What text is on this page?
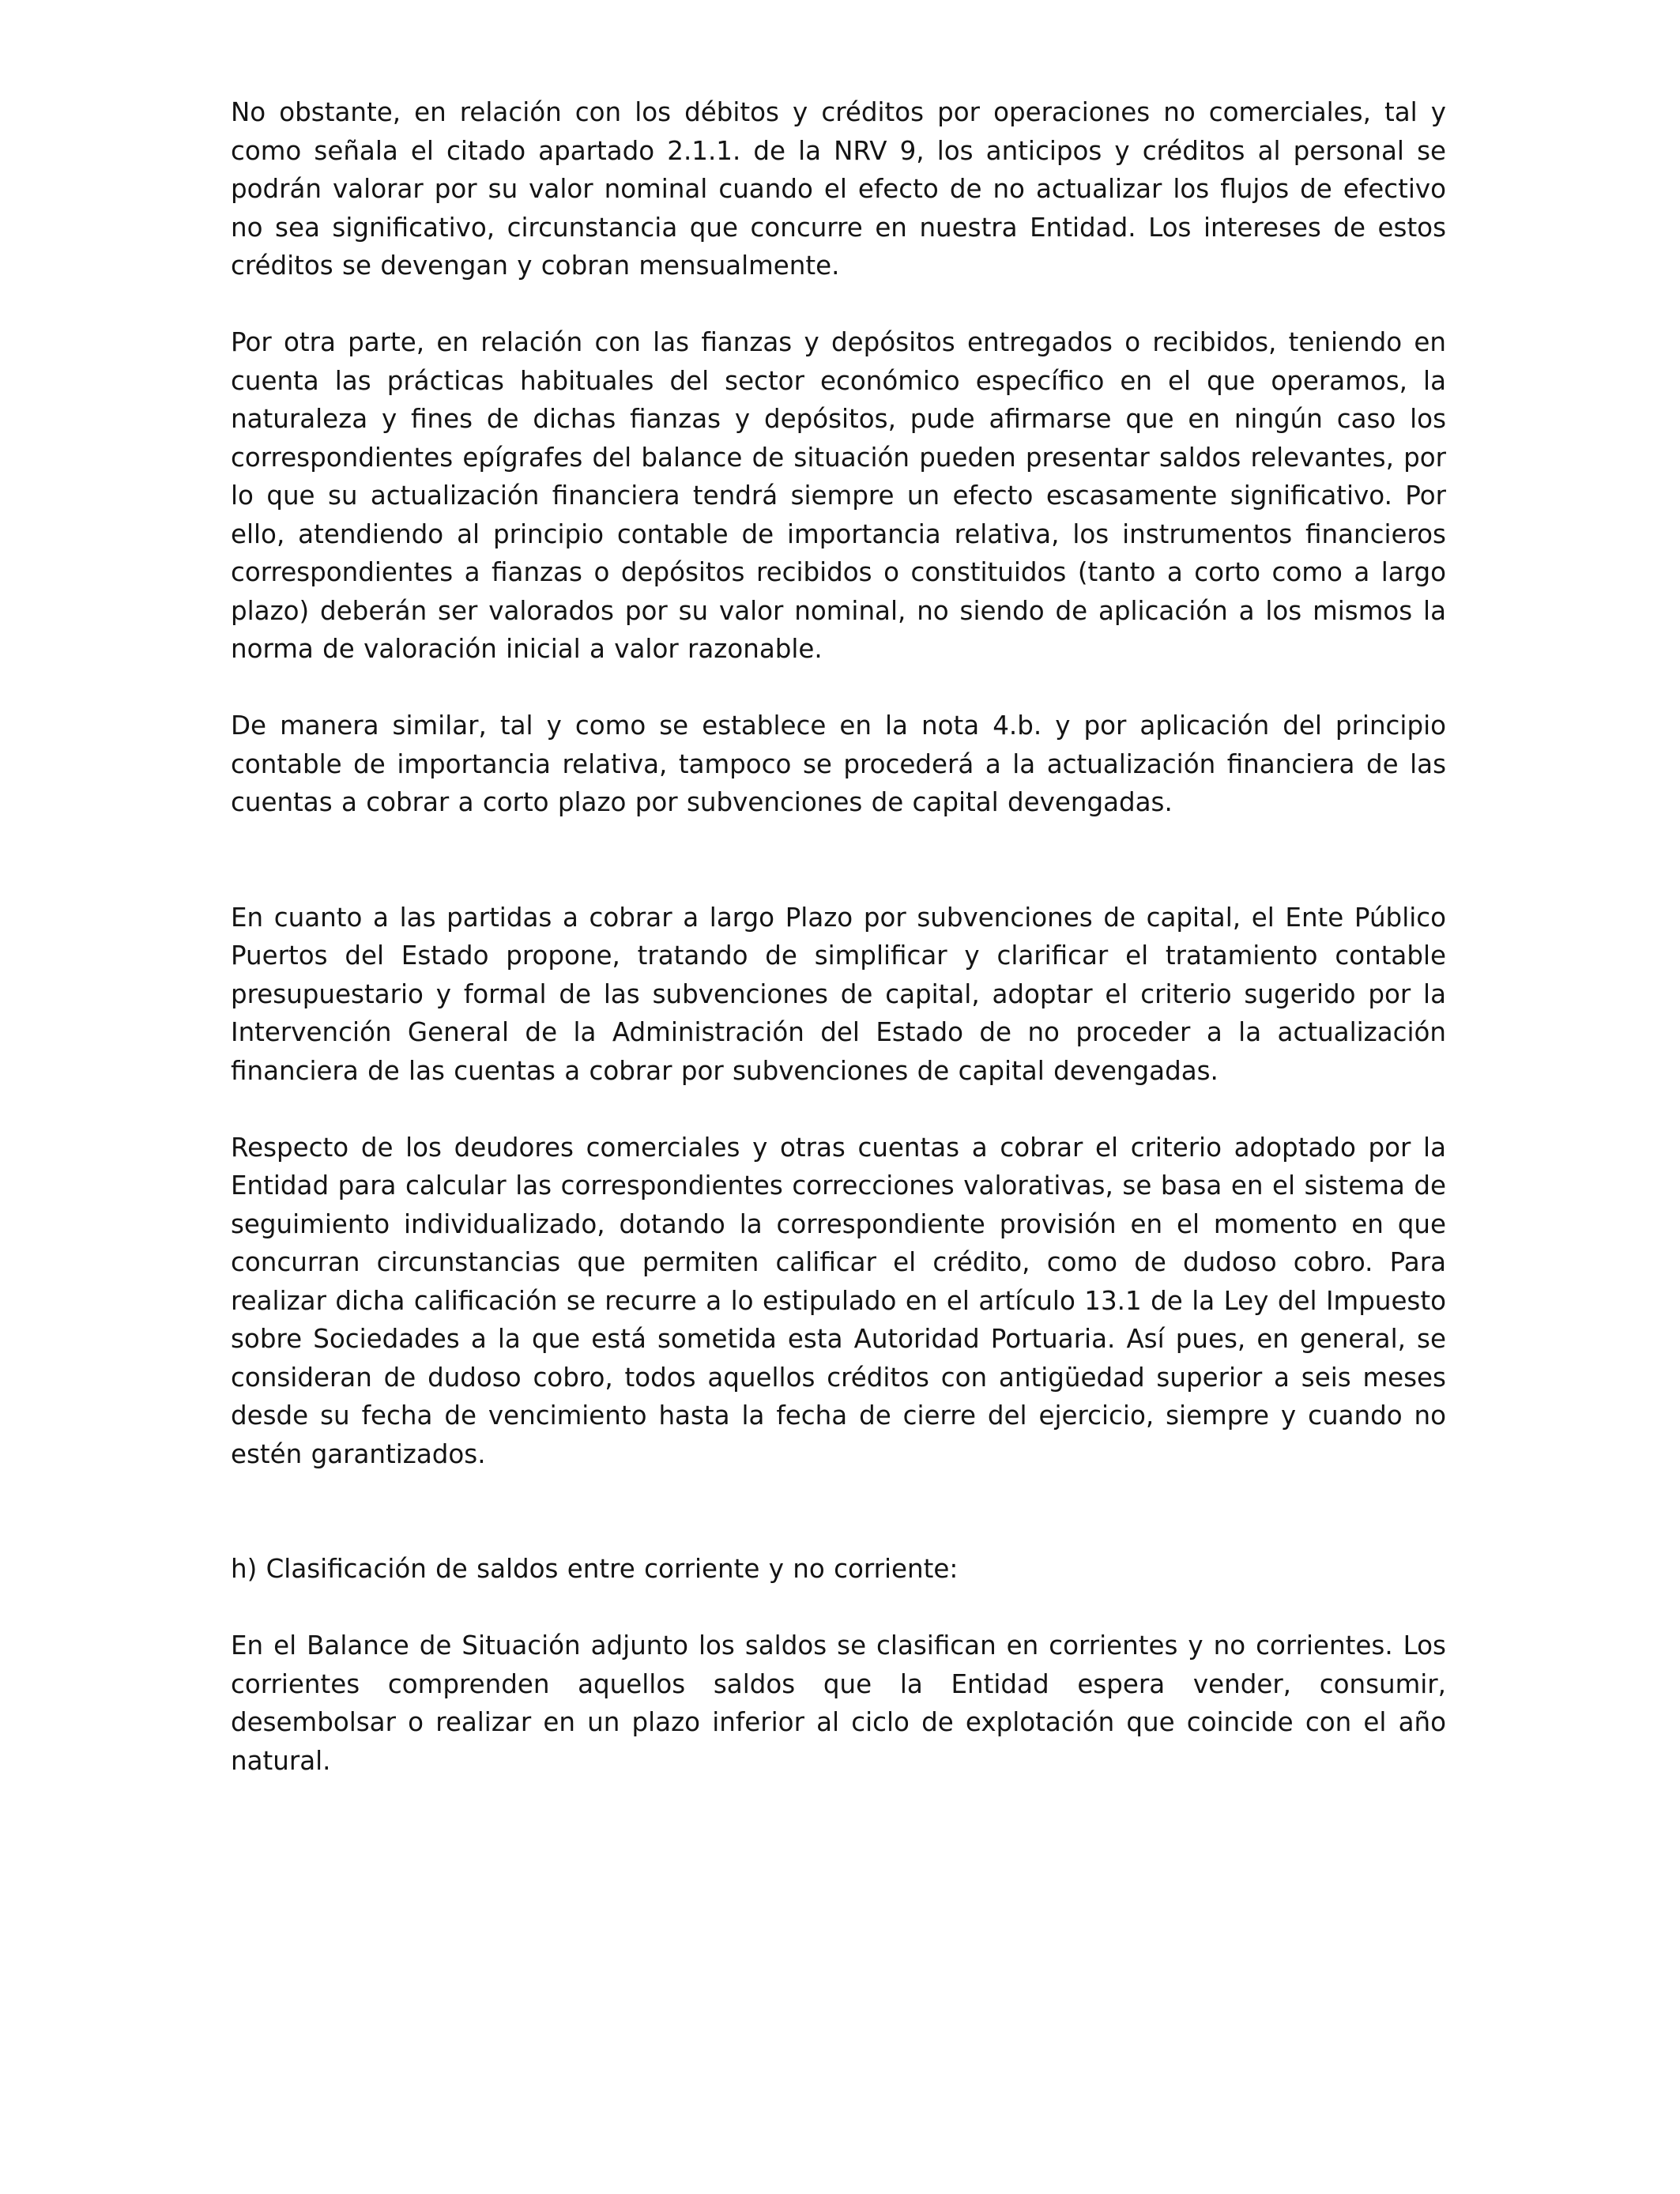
No obstante, en relación con los débitos y créditos por operaciones no comerciales, tal y como señala el citado apartado 2.1.1. de la NRV 9, los anticipos y créditos al personal se podrán valorar por su valor nominal cuando el efecto de no actualizar los flujos de efectivo no sea significativo, circunstancia que concurre en nuestra Entidad. Los intereses de estos créditos se devengan y cobran mensualmente.

Por otra parte, en relación con las fianzas y depósitos entregados o recibidos, teniendo en cuenta las prácticas habituales del sector económico específico en el que operamos, la naturaleza y fines de dichas fianzas y depósitos, pude afirmarse que en ningún caso los correspondientes epígrafes del balance de situación pueden presentar saldos relevantes, por lo que su actualización financiera tendrá siempre un efecto escasamente significativo. Por ello, atendiendo al principio contable de importancia relativa, los instrumentos financieros correspondientes a fianzas o depósitos recibidos o constituidos (tanto a corto como a largo plazo) deberán ser valorados por su valor nominal, no siendo de aplicación a los mismos la norma de valoración inicial a valor razonable.

De manera similar, tal y como se establece en la nota 4.b. y por aplicación del principio contable de importancia relativa, tampoco se procederá a la actualización financiera de las cuentas a cobrar a corto plazo por subvenciones de capital devengadas.

En cuanto a las partidas a cobrar a largo Plazo por subvenciones de capital, el Ente Público Puertos del Estado propone, tratando de simplificar y clarificar el tratamiento contable presupuestario y formal de las subvenciones de capital, adoptar el criterio sugerido por la Intervención General de la Administración del Estado de no proceder a la actualización financiera de las cuentas a cobrar por subvenciones de capital devengadas.

Respecto de los deudores comerciales y otras cuentas a cobrar el criterio adoptado por la Entidad para calcular las correspondientes correcciones valorativas, se basa en el sistema de seguimiento individualizado, dotando la correspondiente provisión en el momento en que concurran circunstancias que permiten calificar el crédito, como de dudoso cobro. Para realizar dicha calificación se recurre a lo estipulado en el artículo 13.1 de la Ley del Impuesto sobre Sociedades a la que está sometida esta Autoridad Portuaria. Así pues, en general, se consideran de dudoso cobro, todos aquellos créditos con antigüedad superior a seis meses desde su fecha de vencimiento hasta la fecha de cierre del ejercicio, siempre y cuando no estén garantizados.

h) Clasificación de saldos entre corriente y no corriente:

En el Balance de Situación adjunto los saldos se clasifican en corrientes y no corrientes. Los corrientes comprenden aquellos saldos que la Entidad espera vender, consumir, desembolsar o realizar en un plazo inferior al ciclo de explotación que coincide con el año natural.
